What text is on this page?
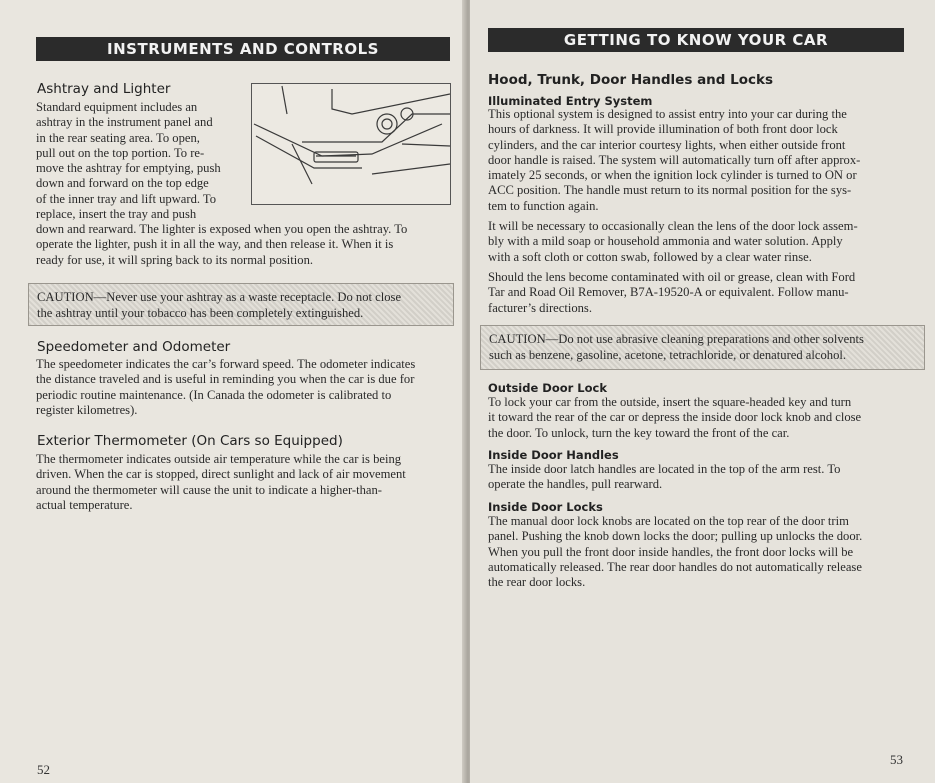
INSTRUMENTS AND CONTROLS
Ashtray and Lighter
Standard equipment includes an
ashtray in the instrument panel and
in the rear seating area. To open,
pull out on the top portion. To re-
move the ashtray for emptying, push
down and forward on the top edge
of the inner tray and lift upward. To
replace, insert the tray and push
down and rearward. The lighter is exposed when you open the ashtray. To
operate the lighter, push it in all the way, and then release it. When it is
ready for use, it will spring back to its normal position.
CAUTION—Never use your ashtray as a waste receptacle. Do not close
the ashtray until your tobacco has been completely extinguished.
Speedometer and Odometer
The speedometer indicates the car’s forward speed. The odometer indicates
the distance traveled and is useful in reminding you when the car is due for
periodic routine maintenance. (In Canada the odometer is calibrated to
register kilometres).
Exterior Thermometer (On Cars so Equipped)
The thermometer indicates outside air temperature while the car is being
driven. When the car is stopped, direct sunlight and lack of air movement
around the thermometer will cause the unit to indicate a higher-than-
actual temperature.
52
GETTING TO KNOW YOUR CAR
Hood, Trunk, Door Handles and Locks
Illuminated Entry System
This optional system is designed to assist entry into your car during the
hours of darkness. It will provide illumination of both front door lock
cylinders, and the car interior courtesy lights, when either outside front
door handle is raised. The system will automatically turn off after approx-
imately 25 seconds, or when the ignition lock cylinder is turned to ON or
ACC position. The handle must return to its normal position for the sys-
tem to function again.
It will be necessary to occasionally clean the lens of the door lock assem-
bly with a mild soap or household ammonia and water solution. Apply
with a soft cloth or cotton swab, followed by a clear water rinse.
Should the lens become contaminated with oil or grease, clean with Ford
Tar and Road Oil Remover, B7A-19520-A or equivalent. Follow manu-
facturer’s directions.
CAUTION—Do not use abrasive cleaning preparations and other solvents
such as benzene, gasoline, acetone, tetrachloride, or denatured alcohol.
Outside Door Lock
To lock your car from the outside, insert the square-headed key and turn
it toward the rear of the car or depress the inside door lock knob and close
the door. To unlock, turn the key toward the front of the car.
Inside Door Handles
The inside door latch handles are located in the top of the arm rest. To
operate the handles, pull rearward.
Inside Door Locks
The manual door lock knobs are located on the top rear of the door trim
panel. Pushing the knob down locks the door; pulling up unlocks the door.
When you pull the front door inside handles, the front door locks will be
automatically released. The rear door handles do not automatically release
the rear door locks.
53
